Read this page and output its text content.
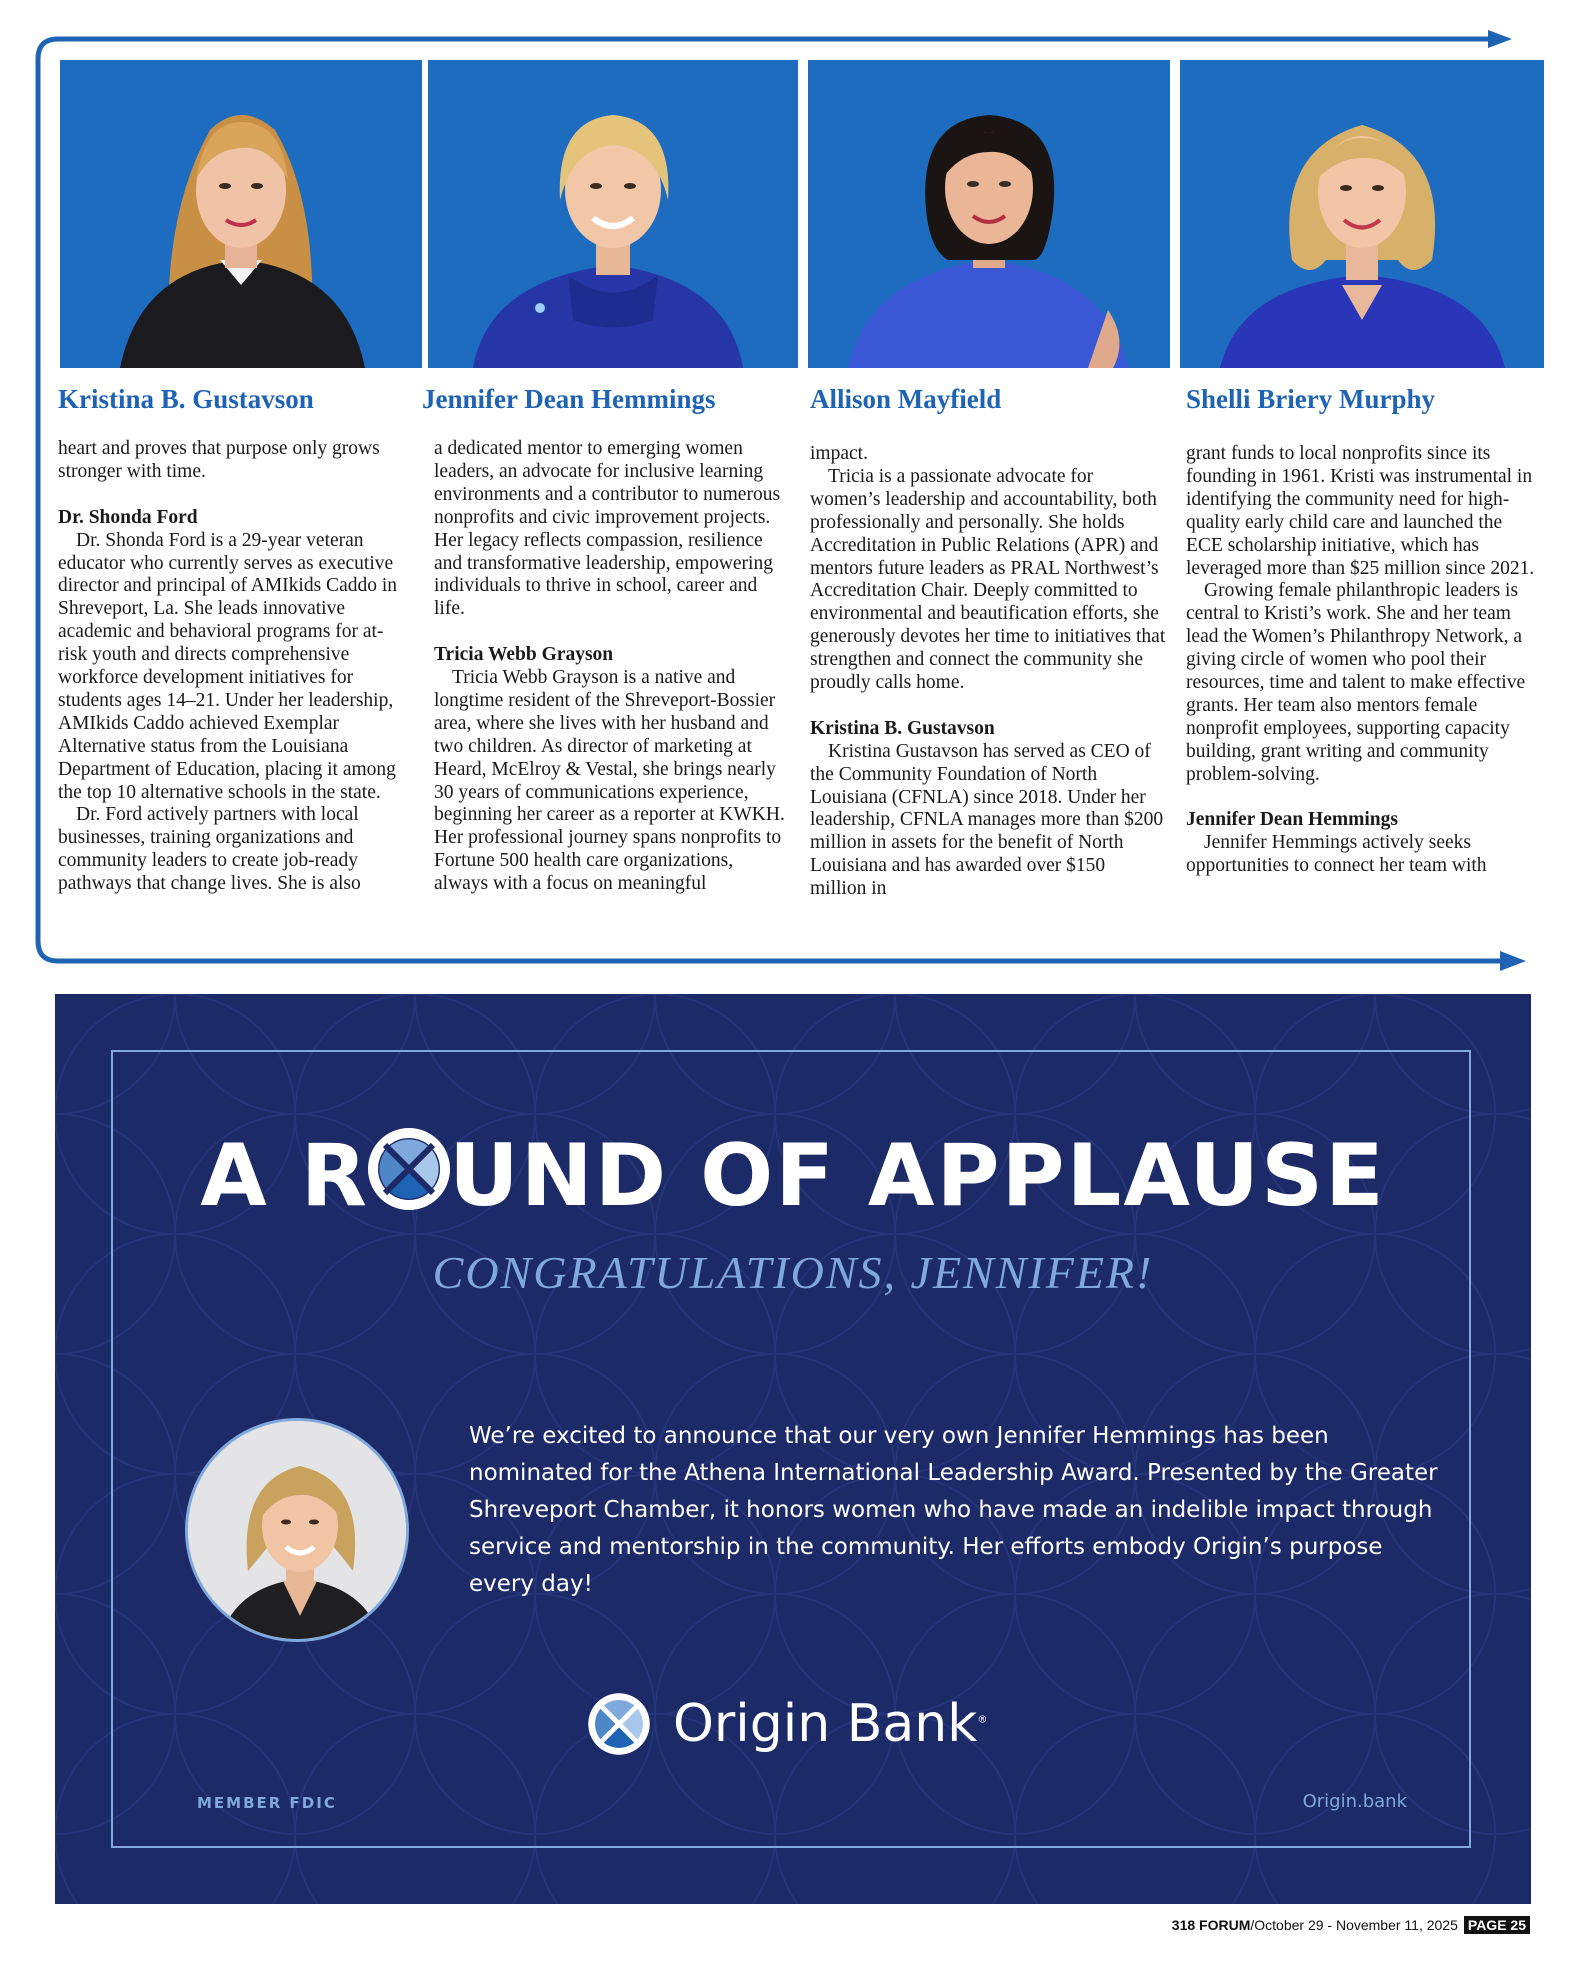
Kristina B. Gustavson	Jennifer Dean Hemmings	Allison Mayfield	Shelli Briery Murphy

heart and proves that purpose only grows stronger with time.

Dr. Shonda Ford

Dr. Shonda Ford is a 29-year veteran educator who currently serves as executive director and principal of AMIkids Caddo in Shreveport, La. She leads innovative academic and behavioral programs for at-risk youth and directs comprehensive workforce development initiatives for students ages 14–21. Under her leadership, AMIkids Caddo achieved Exemplar Alternative status from the Louisiana Department of Education, placing it among the top 10 alternative schools in the state.

Dr. Ford actively partners with local businesses, training organizations and community leaders to create job-ready pathways that change lives. She is also

a dedicated mentor to emerging women leaders, an advocate for inclusive learning environments and a contributor to numerous nonprofits and civic improvement projects. Her legacy reflects compassion, resilience and transformative leadership, empowering individuals to thrive in school, career and life.

Tricia Webb Grayson

Tricia Webb Grayson is a native and longtime resident of the Shreveport-Bossier area, where she lives with her husband and two children. As director of marketing at Heard, McElroy & Vestal, she brings nearly 30 years of communications experience, beginning her career as a reporter at KWKH. Her professional journey spans nonprofits to Fortune 500 health care organizations, always with a focus on meaningful

impact.

Tricia is a passionate advocate for women’s leadership and accountability, both professionally and personally. She holds Accreditation in Public Relations (APR) and mentors future leaders as PRAL Northwest’s Accreditation Chair. Deeply committed to environmental and beautification efforts, she generously devotes her time to initiatives that strengthen and connect the community she proudly calls home.

Kristina B. Gustavson

Kristina Gustavson has served as CEO of the Community Foundation of North Louisiana (CFNLA) since 2018. Under her leadership, CFNLA manages more than $200 million in assets for the benefit of North Louisiana and has awarded over $150 million in

grant funds to local nonprofits since its founding in 1961. Kristi was instrumental in identifying the community need for high-quality early child care and launched the ECE scholarship initiative, which has leveraged more than $25 million since 2021.

Growing female philanthropic leaders is central to Kristi’s work. She and her team lead the Women’s Philanthropy Network, a giving circle of women who pool their resources, time and talent to make effective grants. Her team also mentors female nonprofit employees, supporting capacity building, grant writing and community problem-solving.

Jennifer Dean Hemmings

Jennifer Hemmings actively seeks opportunities to connect her team with

A R UND OF APPLAUSE
CONGRATULATIONS, JENNIFER!
We’re excited to announce that our very own Jennifer Hemmings has been nominated for the Athena International Leadership Award. Presented by the Greater Shreveport Chamber, it honors women who have made an indelible impact through service and mentorship in the community. Her efforts embody Origin’s purpose every day!
Origin Bank®
MEMBER FDIC	Origin.bank
318 FORUM /October 29 - November 11, 2025 PAGE 25
